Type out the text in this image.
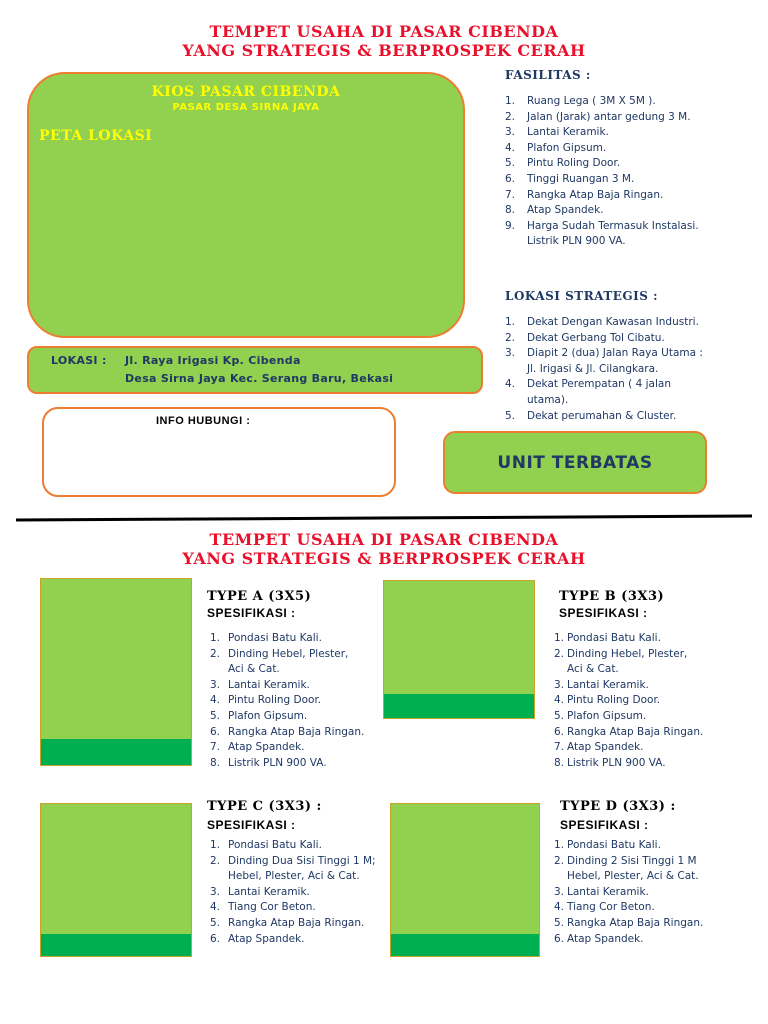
TEMPET USAHA DI PASAR CIBENDA
YANG STRATEGIS & BERPROSPEK CERAH
KIOS PASAR CIBENDA
PASAR DESA SIRNA JAYA
PETA LOKASI
LOKASI : Jl. Raya Irigasi Kp. Cibenda
Desa Sirna Jaya Kec. Serang Baru, Bekasi
INFO HUBUNGI :
FASILITAS :
1. Ruang Lega ( 3M X 5M ).
2. Jalan (Jarak) antar gedung 3 M.
3. Lantai Keramik.
4. Plafon Gipsum.
5. Pintu Roling Door.
6. Tinggi Ruangan 3 M.
7. Rangka Atap Baja Ringan.
8. Atap Spandek.
9. Harga Sudah Termasuk Instalasi.
Listrik PLN 900 VA.
LOKASI STRATEGIS :
1. Dekat Dengan Kawasan Industri.
2. Dekat Gerbang Tol Cibatu.
3. Diapit 2 (dua) Jalan Raya Utama :
Jl. Irigasi & Jl. Cilangkara.
4. Dekat Perempatan ( 4 jalan
utama).
5. Dekat perumahan & Cluster.
UNIT TERBATAS
TEMPET USAHA DI PASAR CIBENDA
YANG STRATEGIS & BERPROSPEK CERAH
TYPE A (3X5)
SPESIFIKASI :
1. Pondasi Batu Kali.
2. Dinding Hebel, Plester,
Aci & Cat.
3. Lantai Keramik.
4. Pintu Roling Door.
5. Plafon Gipsum.
6. Rangka Atap Baja Ringan.
7. Atap Spandek.
8. Listrik PLN 900 VA.
TYPE B (3X3)
SPESIFIKASI :
1. Pondasi Batu Kali.
2. Dinding Hebel, Plester,
Aci & Cat.
3. Lantai Keramik.
4. Pintu Roling Door.
5. Plafon Gipsum.
6. Rangka Atap Baja Ringan.
7. Atap Spandek.
8. Listrik PLN 900 VA.
TYPE C (3X3) :
SPESIFIKASI :
1. Pondasi Batu Kali.
2. Dinding Dua Sisi Tinggi 1 M;
Hebel, Plester, Aci & Cat.
3. Lantai Keramik.
4. Tiang Cor Beton.
5. Rangka Atap Baja Ringan.
6. Atap Spandek.
TYPE D (3X3) :
SPESIFIKASI :
1. Pondasi Batu Kali.
2. Dinding 2 Sisi Tinggi 1 M
Hebel, Plester, Aci & Cat.
3. Lantai Keramik.
4. Tiang Cor Beton.
5. Rangka Atap Baja Ringan.
6. Atap Spandek.
